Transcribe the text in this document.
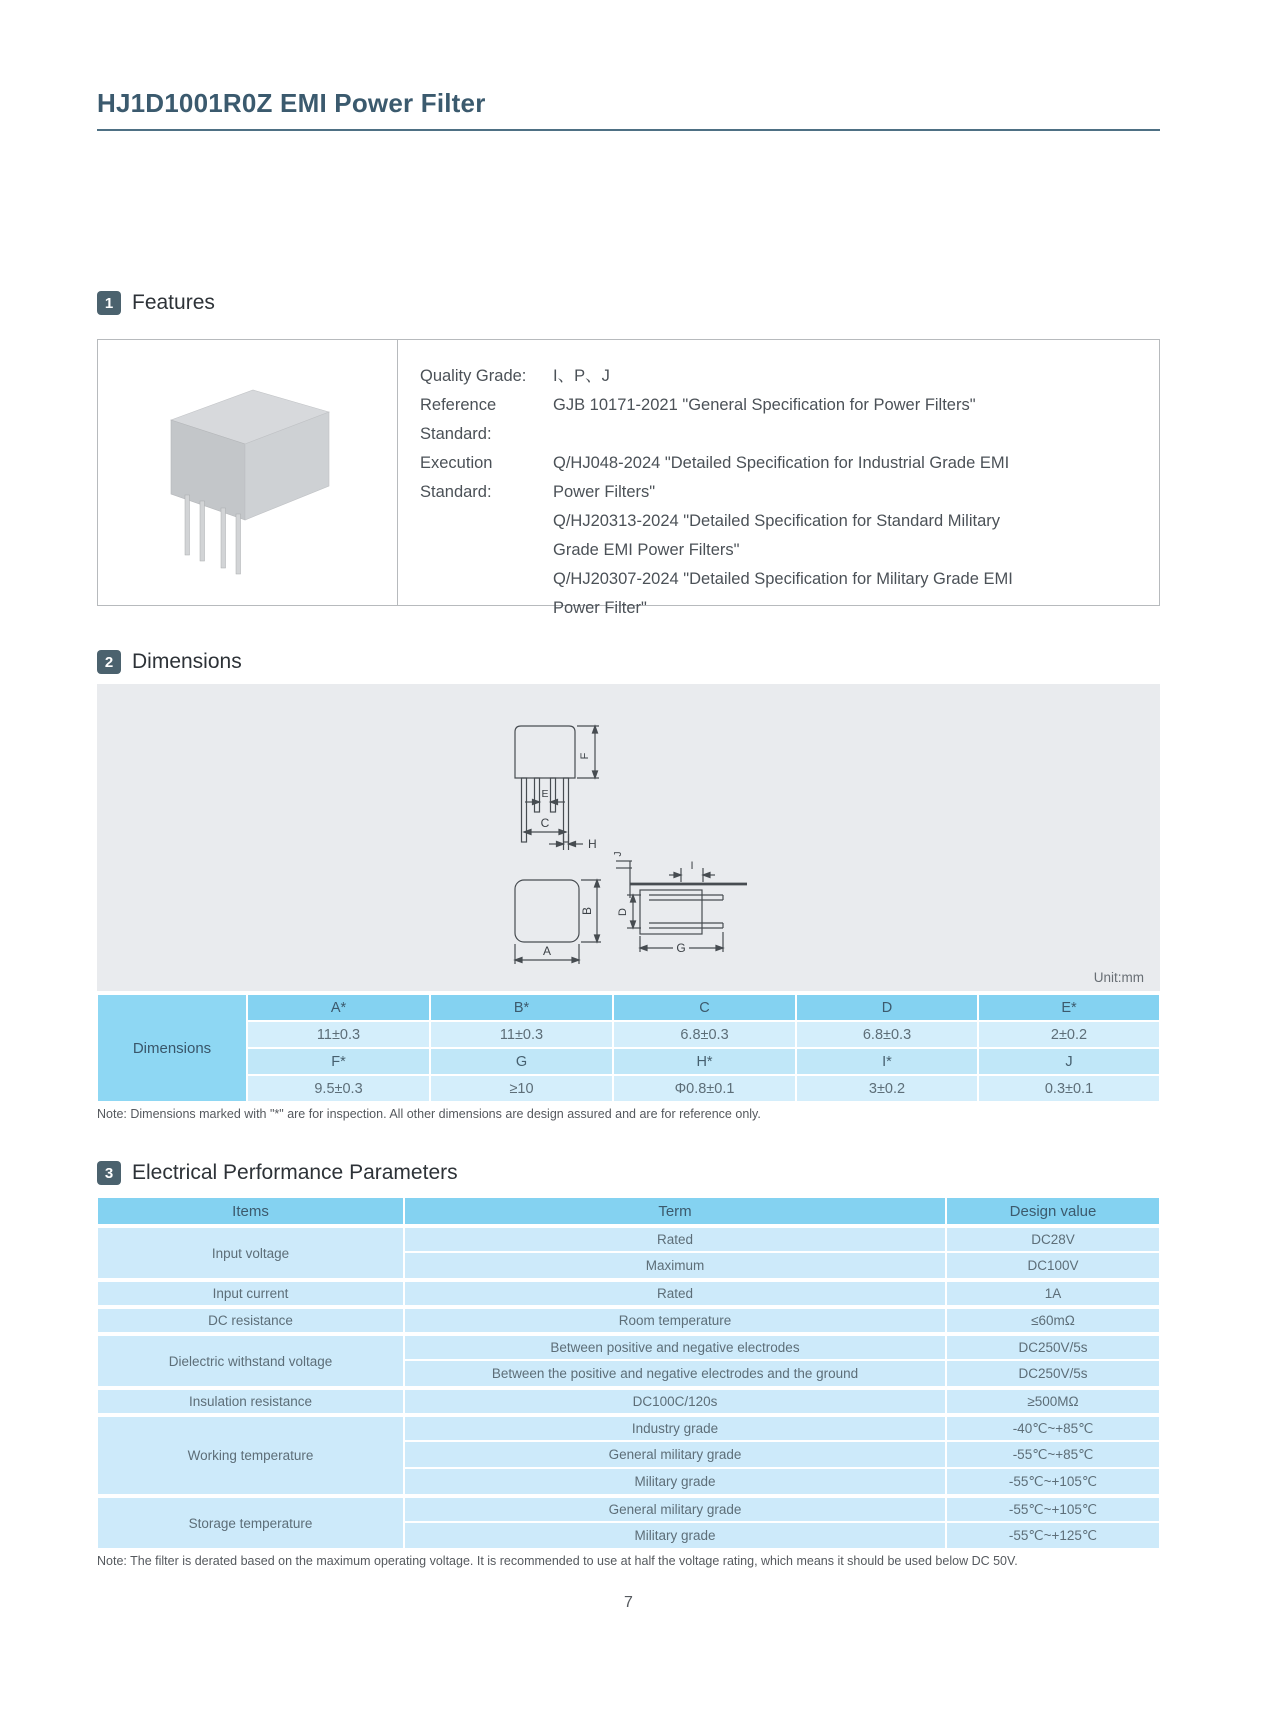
HJ1D1001R0Z EMI Power Filter
1 Features
Quality Grade:	I、P、J
Reference Standard:
GJB 10171-2021 "General Specification for Power Filters"
Execution Standard:
Q/HJ048-2024 "Detailed Specification for Industrial Grade EMI Power Filters"
Q/HJ20313-2024 "Detailed Specification for Standard Military Grade EMI Power Filters"
Q/HJ20307-2024 "Detailed Specification for Military Grade EMI Power Filter"
2 Dimensions
F
E
C
H
A
B
J
I
D
G
Unit:mm
Dimensions	A*	B*	C	D	E*
	11±0.3	11±0.3	6.8±0.3	6.8±0.3	2±0.2
	F*	G	H*	I*	J
	9.5±0.3	≥10	Φ0.8±0.1	3±0.2	0.3±0.1
Note: Dimensions marked with "*" are for inspection. All other dimensions are design assured and are for reference only.
3 Electrical Performance Parameters
Items	Term	Design value
Input voltage	Rated	DC28V
	Maximum	DC100V
Input current	Rated	1A
DC resistance	Room temperature	≤60mΩ
Dielectric withstand voltage	Between positive and negative electrodes	DC250V/5s
	Between the positive and negative electrodes and the ground	DC250V/5s
Insulation resistance	DC100C/120s	≥500MΩ
Working temperature	Industry grade	-40℃~+85℃
	General military grade	-55℃~+85℃
	Military grade	-55℃~+105℃
Storage temperature	General military grade	-55℃~+105℃
	Military grade	-55℃~+125℃
Note: The filter is derated based on the maximum operating voltage. It is recommended to use at half the voltage rating, which means it should be used below DC 50V.
7
